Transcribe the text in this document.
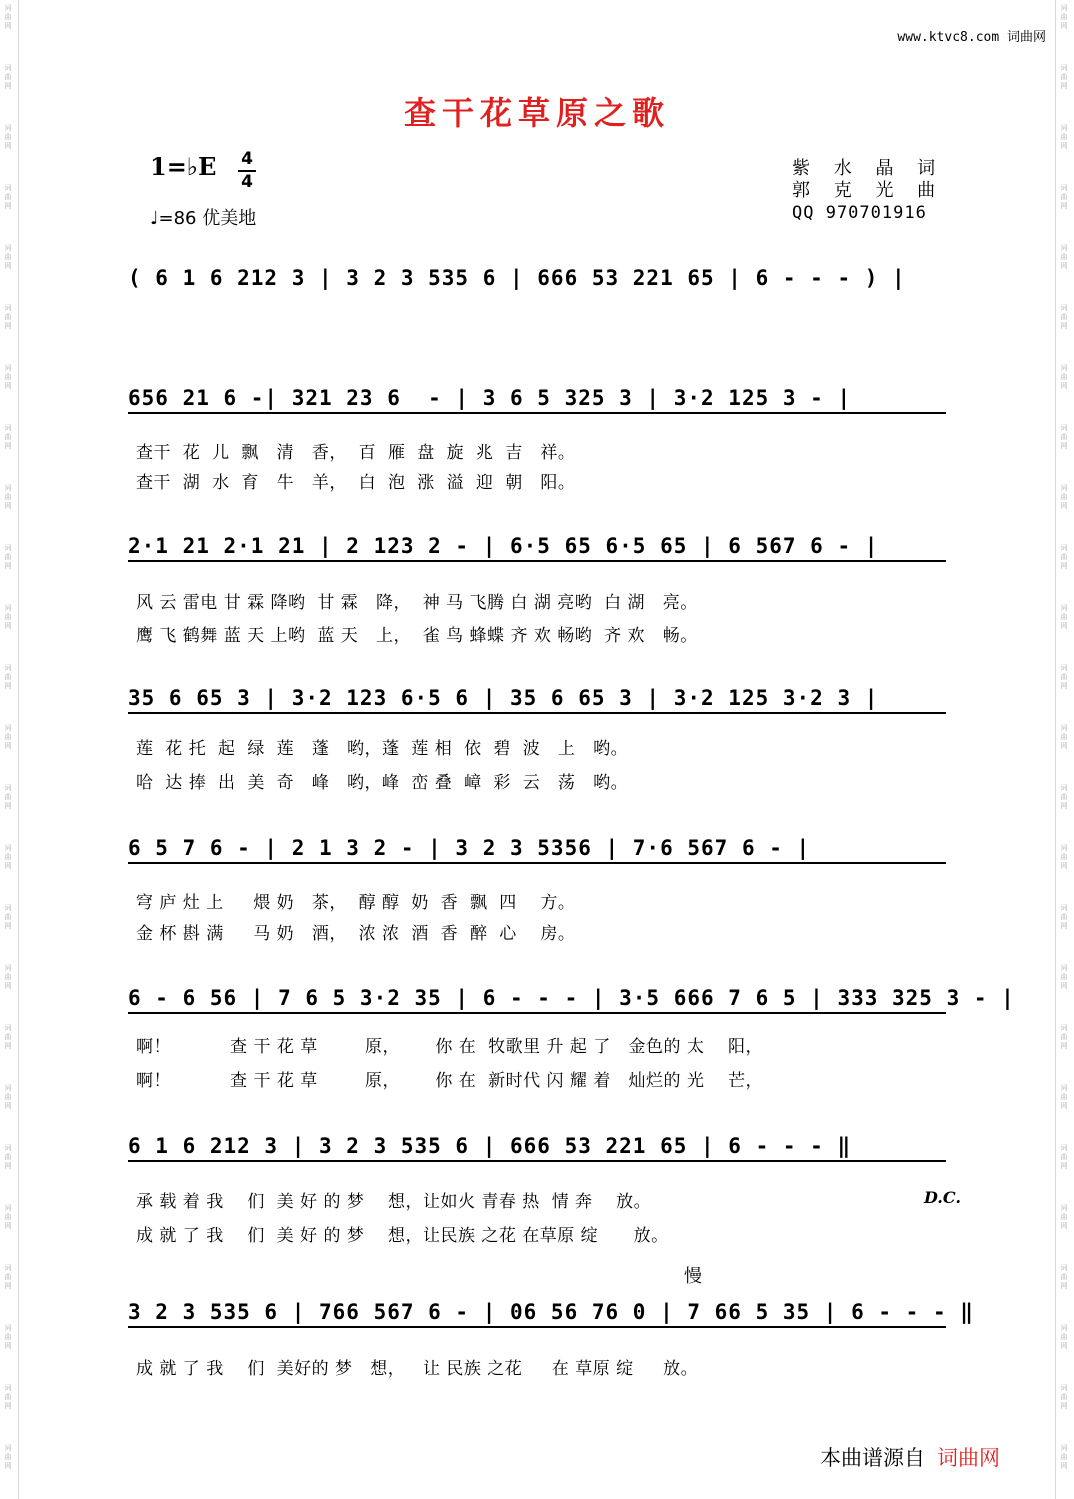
词
曲
网
词
曲
网
词
曲
网
词
曲
网
词
曲
网
词
曲
网
词
曲
网
词
曲
网
词
曲
网
词
曲
网
词
曲
网
词
曲
网
词
曲
网
词
曲
网
词
曲
网
词
曲
网
词
曲
网
词
曲
网
词
曲
网
词
曲
网
词
曲
网
词
曲
网
词
曲
网
词
曲
网
词
曲
网
词
曲
网
词
曲
网
词
曲
网
词
曲
网
词
曲
网
词
曲
网
词
曲
网
词
曲
网
词
曲
网
词
曲
网
词
曲
网
词
曲
网
词
曲
网
词
曲
网
词
曲
网
词
曲
网
词
曲
网
词
曲
网
词
曲
网
词
曲
网
词
曲
网
词
曲
网
词
曲
网
词
曲
网
词
曲
网
www.ktvc8.com 词曲网
查干花草原之歌
1=♭E 4
4
♩=86 优美地
紫 水 晶 词
郭 克 光 曲
QQ 970701916
( 6 1 6 212 3 | 3 2 3 535 6 | 666 53 221 65 | 6 - - - ) |
656 21 6 -| 321 23 6  - | 3 6 5 325 3 | 3·2 125 3 - |
查干  花  儿  飘   清   香，  百  雁  盘  旋  兆  吉   祥。
查干  湖  水  育   牛   羊，  白  泡  涨  溢  迎  朝   阳。
2·1 21 2·1 21 | 2 123 2 - | 6·5 65 6·5 65 | 6 567 6 - |
风 云 雷电 甘 霖 降哟  甘 霖   降，  神 马 飞腾 白 湖 亮哟  白 湖   亮。
鹰 飞 鹤舞 蓝 天 上哟  蓝 天   上，  雀 鸟 蜂蝶 齐 欢 畅哟  齐 欢   畅。
35 6 65 3 | 3·2 123 6·5 6 | 35 6 65 3 | 3·2 125 3·2 3 |
莲  花 托  起  绿  莲   蓬   哟，蓬  莲 相  依  碧  波   上   哟。
哈  达 捧  出  美  奇   峰   哟，峰  峦 叠  嶂  彩  云   荡   哟。
6 5 7 6 - | 2 1 3 2 - | 3 2 3 5356 | 7·6 567 6 - |
穹 庐 灶 上     煨 奶   茶，  醇 醇  奶  香  飘  四    方。
金 杯 斟 满     马 奶   酒，  浓 浓  酒  香  醉  心    房。
6 - 6 56 | 7 6 5 3·2 35 | 6 - - - | 3·5 666 7 6 5 | 333 325 3 - |
啊！          查 干 花 草        原，      你 在  牧歌里 升 起 了   金色的 太    阳，
啊！          查 干 花 草        原，      你 在  新时代 闪 耀 着   灿烂的 光    芒，
6 1 6 212 3 | 3 2 3 535 6 | 666 53 221 65 | 6 - - - ‖
承 载 着 我    们  美 好 的 梦    想，让如火 青春 热  情 奔    放。
成 就 了 我    们  美 好 的 梦    想，让民族 之花 在草原 绽      放。
D.C.
慢
3 2 3 535 6 | 766 567 6 - | 06 56 76 0 | 7 66 5 35 | 6 - - - ‖
成 就 了 我    们  美好的 梦   想，   让 民族 之花     在 草原 绽     放。
本曲谱源自 词曲网
